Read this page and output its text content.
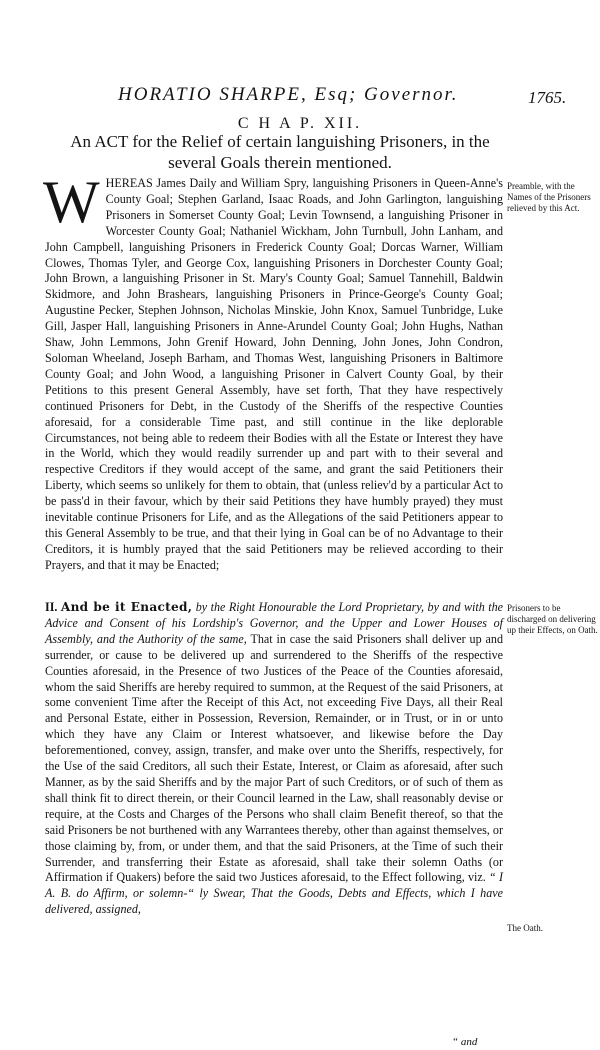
HORATIO SHARPE, Esq; Governor.	1765.
C H A P. XII.
An ACT for the Relief of certain languishing Prisoners, in the several Goals therein mentioned.
WHEREAS James Daily and William Spry, languishing Prisoners in Queen-Anne's County Goal; Stephen Garland, Isaac Roads, and John Garlington, languishing Prisoners in Somerset County Goal; Levin Townsend, a languishing Prisoner in Worcester County Goal; Nathaniel Wickham, John Turnbull, John Lanham, and John Campbell, languishing Prisoners in Frederick County Goal; Dorcas Warner, William Clowes, Thomas Tyler, and George Cox, languishing Prisoners in Dorchester County Goal; John Brown, a languishing Prisoner in St. Mary's County Goal; Samuel Tannehill, Baldwin Skidmore, and John Brashears, languishing Prisoners in Prince-George's County Goal; Augustine Pecker, Stephen Johnson, Nicholas Minskie, John Knox, Samuel Tunbridge, Luke Gill, Jasper Hall, languishing Prisoners in Anne-Arundel County Goal; John Hughs, Nathan Shaw, John Lemmons, John Grenif Howard, John Denning, John Jones, John Condron, Soloman Wheeland, Joseph Barham, and Thomas West, languishing Prisoners in Baltimore County Goal; and John Wood, a languishing Prisoner in Calvert County Goal, by their Petitions to this present General Assembly, have set forth, That they have respectively continued Prisoners for Debt, in the Custody of the Sheriffs of the respective Counties aforesaid, for a considerable Time past, and still continue in the like deplorable Circumstances, not being able to redeem their Bodies with all the Estate or Interest they have in the World, which they would readily surrender up and part with to their several and respective Creditors if they would accept of the same, and grant the said Petitioners their Liberty, which seems so unlikely for them to obtain, that (unless reliev'd by a particular Act to be pass'd in their favour, which by their said Petitions they have humbly prayed) they must inevitable continue Prisoners for Life, and as the Allegations of the said Petitioners appear to this General Assembly to be true, and that their lying in Goal can be of no Advantage to their Creditors, it is humbly prayed that the said Petitioners may be relieved according to their Prayers, and that it may be Enacted;
II. And be it Enacted, by the Right Honourable the Lord Proprietary, by and with the Advice and Consent of his Lordship's Governor, and the Upper and Lower Houses of Assembly, and the Authority of the same, That in case the said Prisoners shall deliver up and surrender, or cause to be delivered up and surrendered to the Sheriffs of the respective Counties aforesaid, in the Presence of two Justices of the Peace of the Counties aforesaid, whom the said Sheriffs are hereby required to summon, at the Request of the said Prisoners, at some convenient Time after the Receipt of this Act, not exceeding Five Days, all their Real and Personal Estate, either in Possession, Reversion, Remainder, or in Trust, or in or unto which they have any Claim or Interest whatsoever, and likewise before the Day beforementioned, convey, assign, transfer, and make over unto the Sheriffs, respectively, for the Use of the said Creditors, all such their Estate, Interest, or Claim as aforesaid, after such Manner, as by the said Sheriffs and by the major Part of such Creditors, or of such of them as shall think fit to direct therein, or their Council learned in the Law, shall reasonably devise or require, at the Costs and Charges of the Persons who shall claim Benefit thereof, so that the said Prisoners be not burthened with any Warrantees thereby, other than against themselves, or those claiming by, from, or under them, and that the said Prisoners, at the Time of such their Surrender, and transferring their Estate as aforesaid, shall take their solemn Oaths (or Affirmation if Quakers) before the said two Justices aforesaid, to the Effect following, viz. “ I A. B. do Affirm, or solemn-“ ly Swear, That the Goods, Debts and Effects, which I have delivered, assigned,
“ and
Preamble, with the Names of the Prisoners relieved by this Act.
Prisoners to be discharged on delivering up their Effects, on Oath.
The Oath.
